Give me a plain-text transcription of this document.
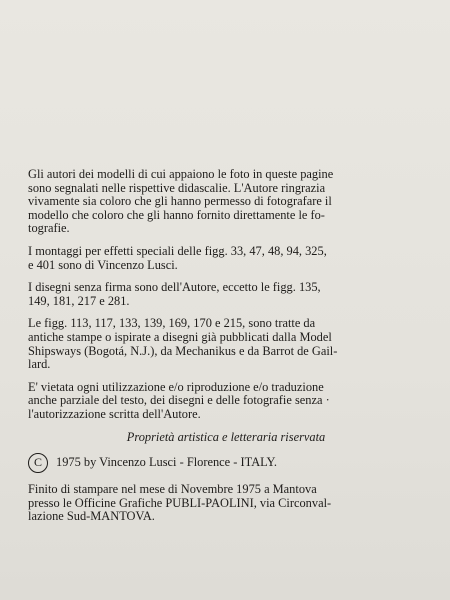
Gli autori dei modelli di cui appaiono le foto in queste pagine
sono segnalati nelle rispettive didascalie. L'Autore ringrazia
vivamente sia coloro che gli hanno permesso di fotografare il
modello che coloro che gli hanno fornito direttamente le fo-
tografie.

I montaggi per effetti speciali delle figg. 33, 47, 48, 94, 325,
e 401 sono di Vincenzo Lusci.

I disegni senza firma sono dell'Autore, eccetto le figg. 135,
149, 181, 217 e 281.

Le figg. 113, 117, 133, 139, 169, 170 e 215, sono tratte da
antiche stampe o ispirate a disegni già pubblicati dalla Model
Shipsways (Bogotá, N.J.), da Mechanikus e da Barrot de Gail-
lard.

E' vietata ogni utilizzazione e/o riproduzione e/o traduzione
anche parziale del testo, dei disegni e delle fotografie senza ·
l'autorizzazione scritta dell'Autore.

Proprietà artistica e letteraria riservata
C	1975 by Vincenzo Lusci - Florence - ITALY.

Finito di stampare nel mese di Novembre 1975 a Mantova
presso le Officine Grafiche PUBLI-PAOLINI, via Circonval-
lazione Sud-MANTOVA.
